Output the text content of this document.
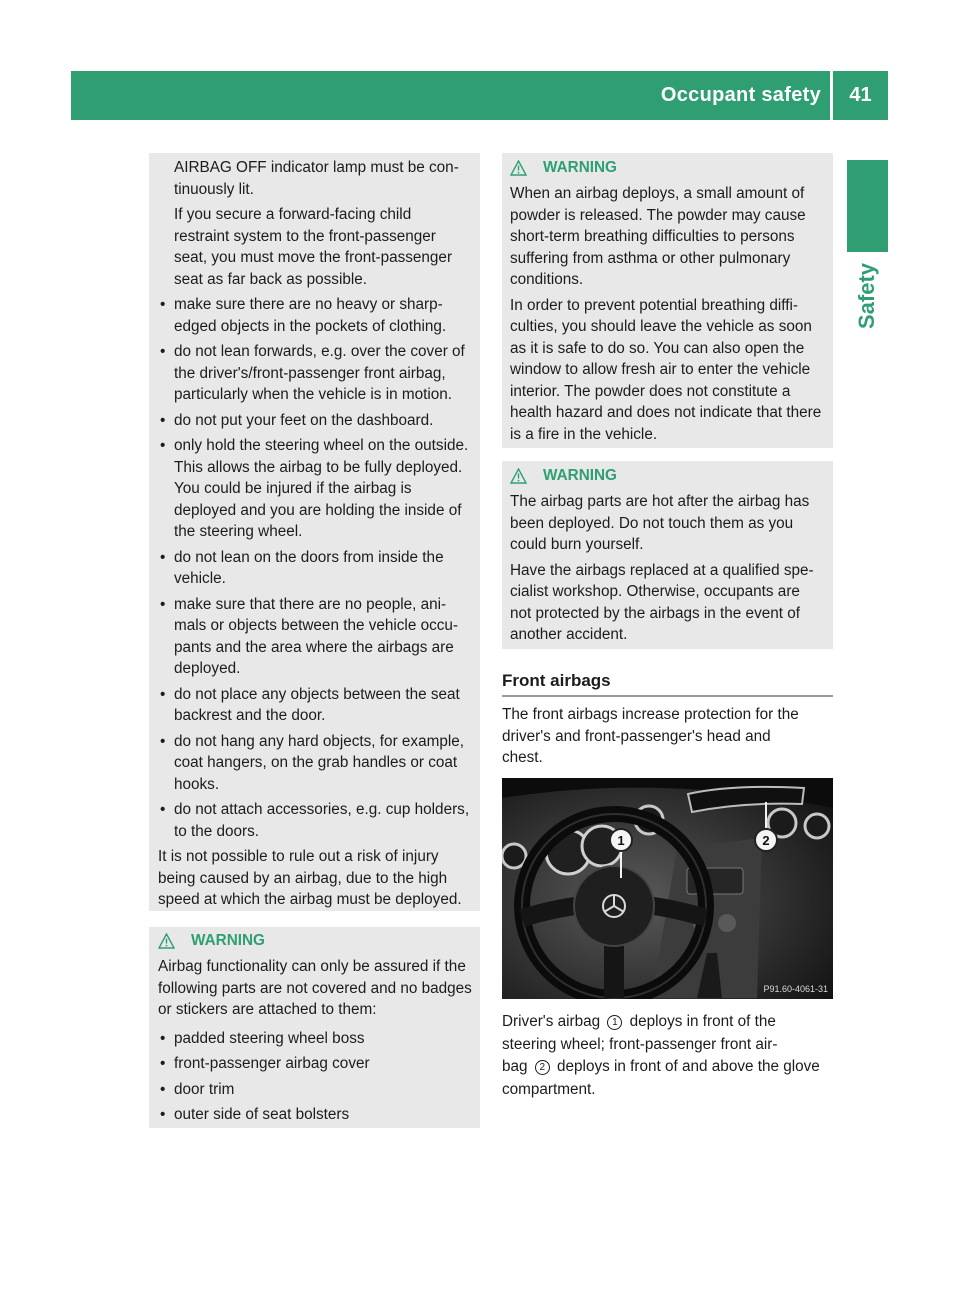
Occupant safety	41
Safety

AIRBAG OFF indicator lamp must be con-

tinuously lit.

If you secure a forward-facing child

restraint system to the front-passenger

seat, you must move the front-passenger

seat as far back as possible.

• make sure there are no heavy or sharp-

edged objects in the pockets of clothing.

• do not lean forwards, e.g. over the cover of

the driver's/front-passenger front airbag,

particularly when the vehicle is in motion.

• do not put your feet on the dashboard.

• only hold the steering wheel on the outside.

This allows the airbag to be fully deployed.

You could be injured if the airbag is

deployed and you are holding the inside of

the steering wheel.

• do not lean on the doors from inside the

vehicle.

• make sure that there are no people, ani-

mals or objects between the vehicle occu-

pants and the area where the airbags are

deployed.

• do not place any objects between the seat

backrest and the door.

• do not hang any hard objects, for example,

coat hangers, on the grab handles or coat

hooks.

• do not attach accessories, e.g. cup holders,

to the doors.

It is not possible to rule out a risk of injury

being caused by an airbag, due to the high

speed at which the airbag must be deployed.

WARNING

Airbag functionality can only be assured if the

following parts are not covered and no badges

or stickers are attached to them:

• padded steering wheel boss

• front-passenger airbag cover

• door trim

• outer side of seat bolsters

WARNING

When an airbag deploys, a small amount of

powder is released. The powder may cause

short-term breathing difficulties to persons

suffering from asthma or other pulmonary

conditions.

In order to prevent potential breathing diffi-

culties, you should leave the vehicle as soon

as it is safe to do so. You can also open the

window to allow fresh air to enter the vehicle

interior. The powder does not constitute a

health hazard and does not indicate that there

is a fire in the vehicle.

WARNING

The airbag parts are hot after the airbag has

been deployed. Do not touch them as you

could burn yourself.

Have the airbags replaced at a qualified spe-

cialist workshop. Otherwise, occupants are

not protected by the airbags in the event of

another accident.

Front airbags

The front airbags increase protection for the

driver's and front-passenger's head and

chest.

1	2
P91.60-4061-31

Driver's airbag 1 deploys in front of the

steering wheel; front-passenger front air-

bag 2 deploys in front of and above the glove

compartment.
